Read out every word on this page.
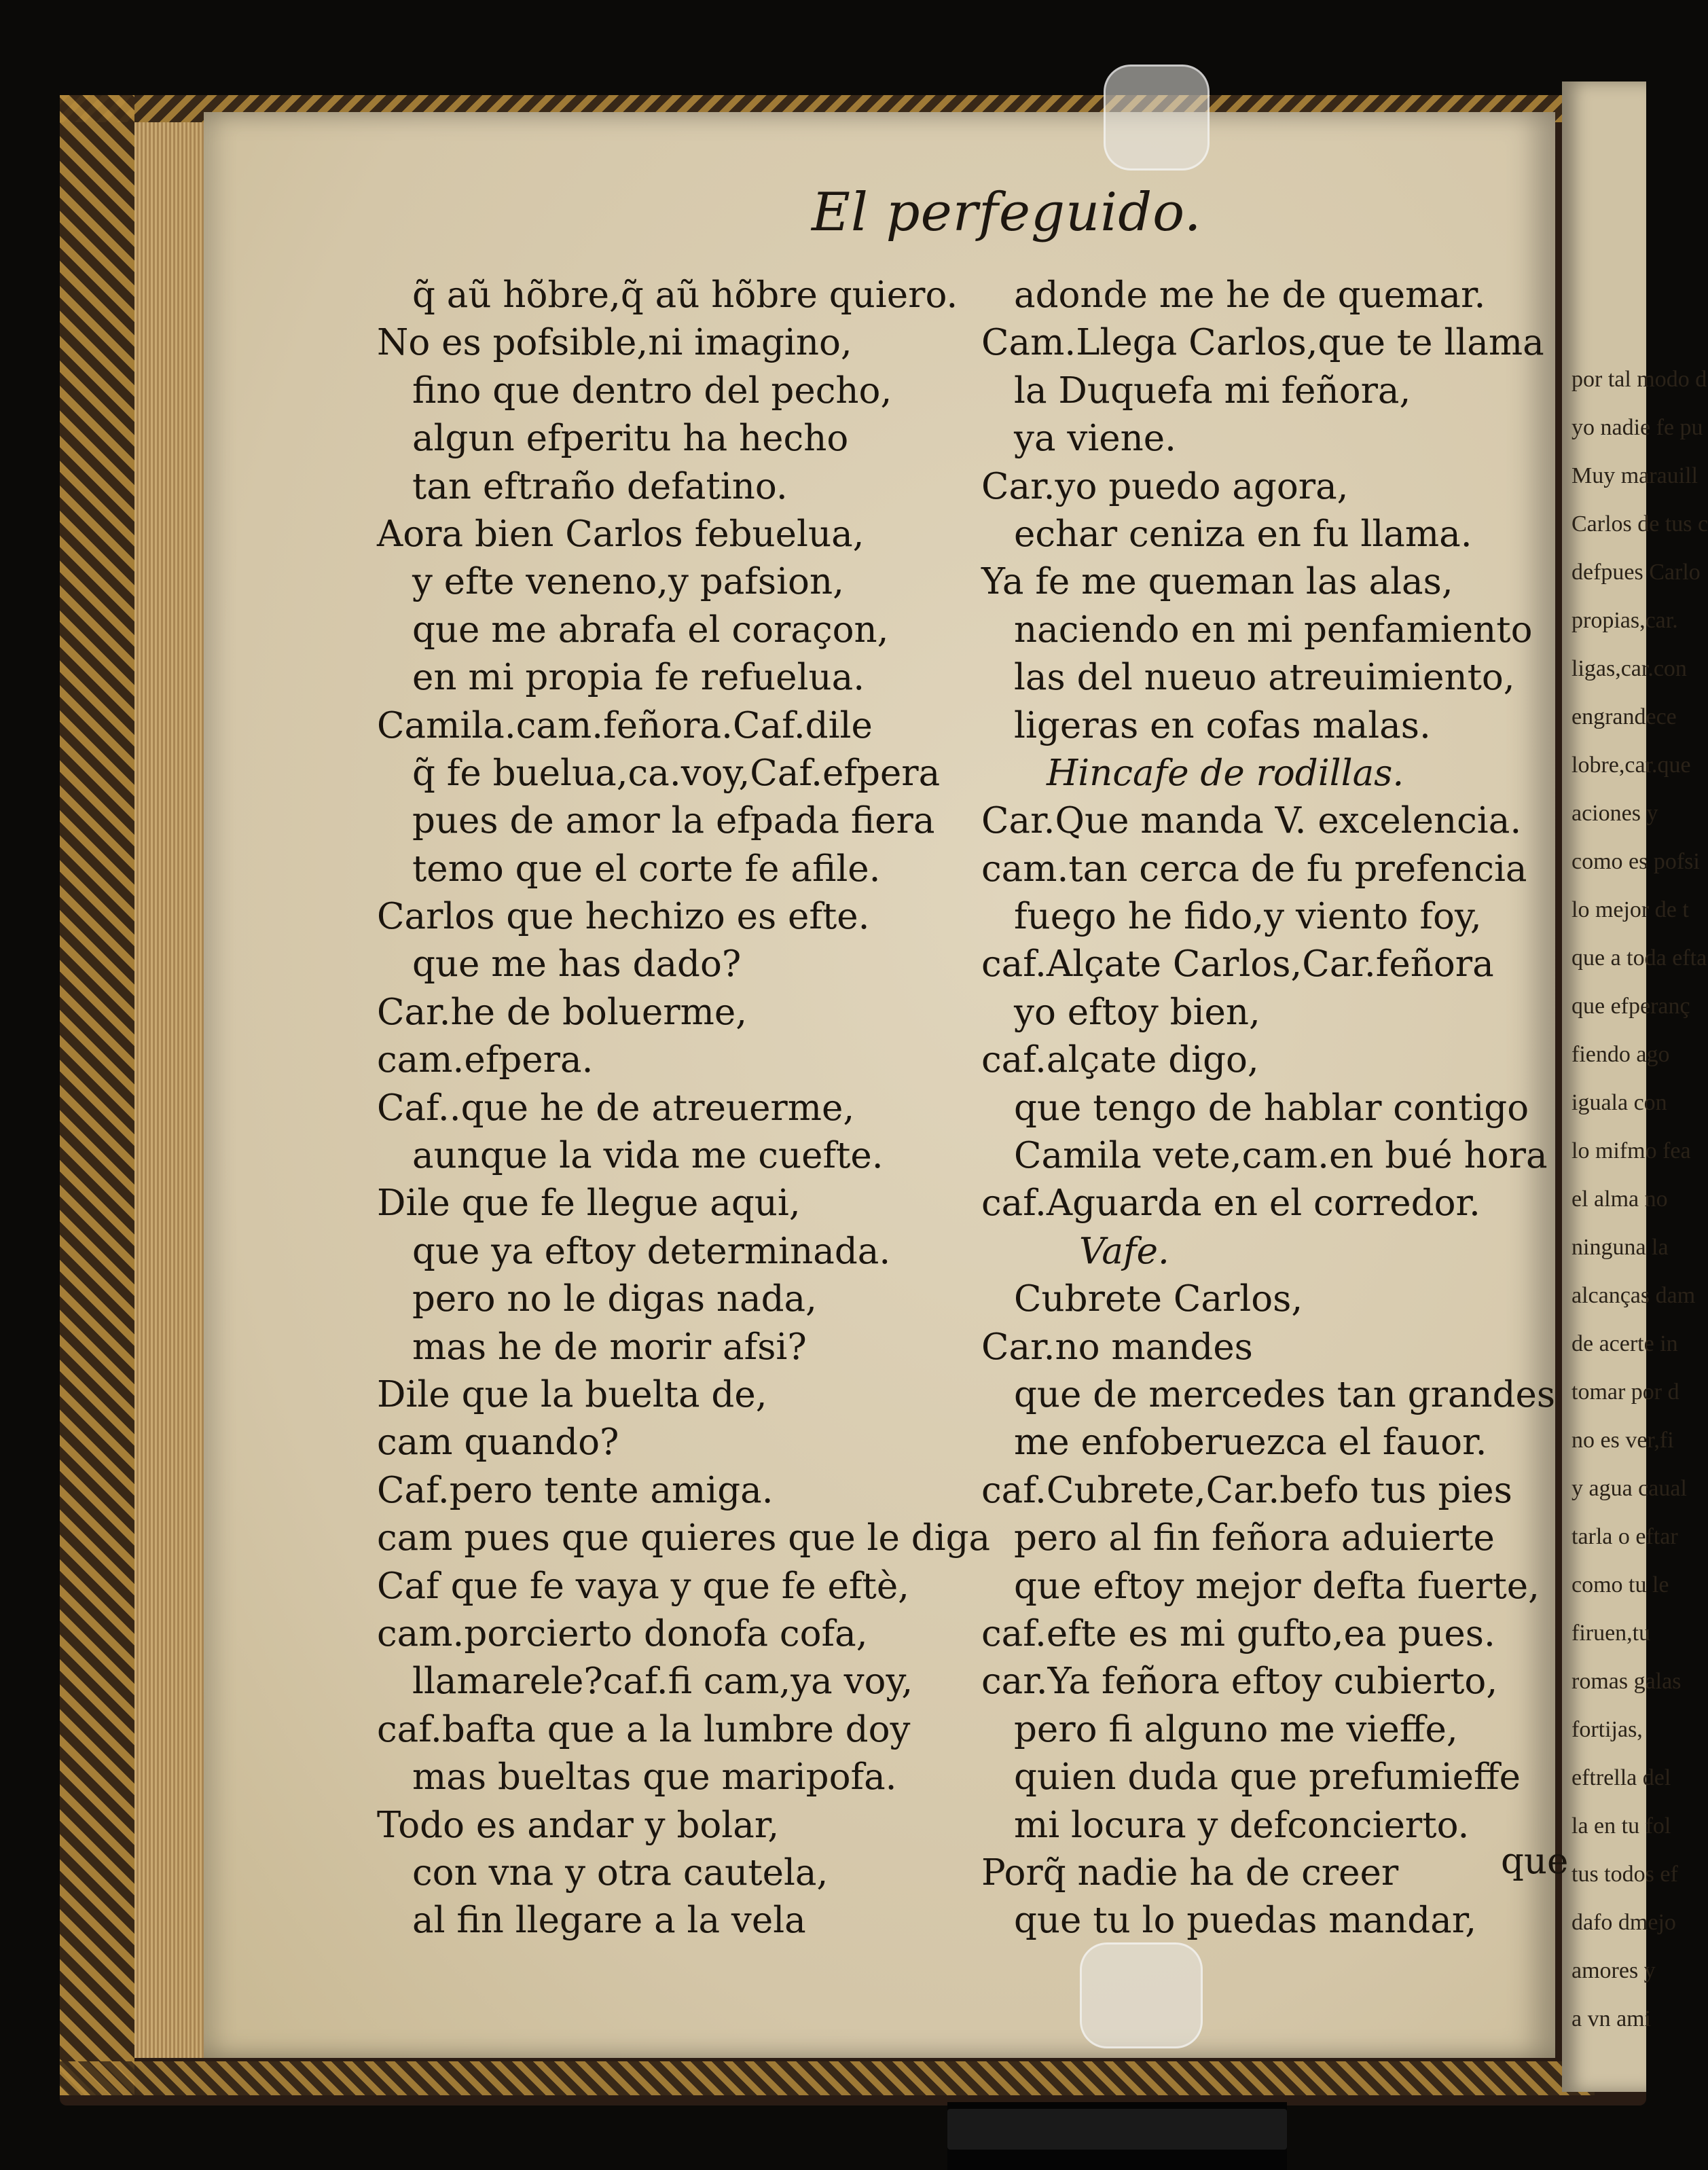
por tal modo d
yo nadie fe pu
Muy marauill
Carlos de tus c
defpues Carlo
propias,car.
ligas,car.con
engrandece
lobre,car.que
aciones y
como es pofsi
lo mejor de t
que a toda efta
que efperanç
fiendo ago
iguala con
lo mifmo fea
el alma no
ninguna la
alcanças dam
de acerte in
tomar por d
no es ver,fi
y agua caual
tarla o eftar
como tu le
firuen,tu
romas galas
fortijas,
eftrella del
la en tu fol
tus todos ef
dafo dmejo
amores y
a vn ami
El perfeguido.
q̃ aũ hõbre,q̃ aũ hõbre quiero.
No es pofsible,ni imagino,
fino que dentro del pecho,
algun efperitu ha hecho
tan eftraño defatino.
Aora bien Carlos febuelua,
y efte veneno,y pafsion,
que me abrafa el coraçon,
en mi propia fe refuelua.
Camila.cam.feñora.Caf.dile
q̃ fe buelua,ca.voy,Caf.efpera
pues de amor la efpada fiera
temo que el corte fe afile.
Carlos que hechizo es efte.
que me has dado?
Car.he de boluerme,
cam.efpera.
Caf..que he de atreuerme,
aunque la vida me cuefte.
Dile que fe llegue aqui,
que ya eftoy determinada.
pero no le digas nada,
mas he de morir afsi?
Dile que la buelta de,
cam quando?
Caf.pero tente amiga.
cam pues que quieres que le diga
Caf que fe vaya y que fe eftè,
cam.porcierto donofa cofa,
llamarele?caf.fi cam,ya voy,
caf.bafta que a la lumbre doy
mas bueltas que maripofa.
Todo es andar y bolar,
con vna y otra cautela,
al fin llegare a la vela
adonde me he de quemar.
Cam.Llega Carlos,que te llama
la Duquefa mi feñora,
ya viene.
Car.yo puedo agora,
echar ceniza en fu llama.
Ya fe me queman las alas,
naciendo en mi penfamiento
las del nueuo atreuimiento,
ligeras en cofas malas.
Hincafe de rodillas.
Car.Que manda V. excelencia.
cam.tan cerca de fu prefencia
fuego he fido,y viento foy,
caf.Alçate Carlos,Car.feñora
yo eftoy bien,
caf.alçate digo,
que tengo de hablar contigo
Camila vete,cam.en bué hora
caf.Aguarda en el corredor.
Vafe.
Cubrete Carlos,
Car.no mandes
que de mercedes tan grandes
me enfoberuezca el fauor.
caf.Cubrete,Car.befo tus pies
pero al fin feñora aduierte
que eftoy mejor defta fuerte,
caf.efte es mi gufto,ea pues.
car.Ya feñora eftoy cubierto,
pero fi alguno me vieffe,
quien duda que prefumieffe
mi locura y defconcierto.
Porq̃ nadie ha de creer
que tu lo puedas mandar,
que
